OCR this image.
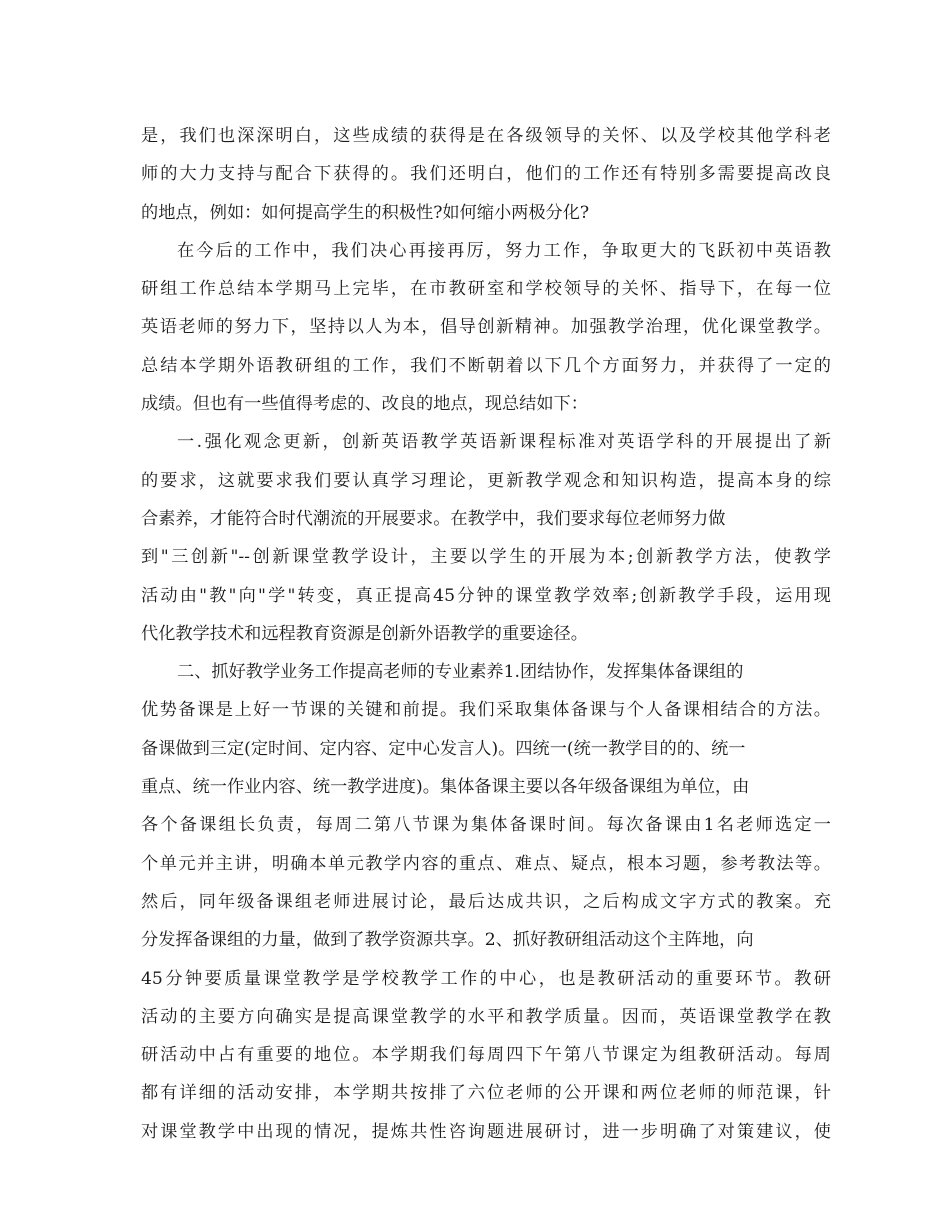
是，我们也深深明白，这些成绩的获得是在各级领导的关怀、以及学校其他学科老
师的大力支持与配合下获得的。我们还明白，他们的工作还有特别多需要提高改良
的地点，例如：如何提高学生的积极性?如何缩小两极分化?
在今后的工作中，我们决心再接再厉，努力工作，争取更大的飞跃初中英语教
研组工作总结本学期马上完毕，在市教研室和学校领导的关怀、指导下，在每一位
英语老师的努力下，坚持以人为本，倡导创新精神。加强教学治理，优化课堂教学。
总结本学期外语教研组的工作，我们不断朝着以下几个方面努力，并获得了一定的
成绩。但也有一些值得考虑的、改良的地点，现总结如下：
一.强化观念更新，创新英语教学英语新课程标准对英语学科的开展提出了新
的要求，这就要求我们要认真学习理论，更新教学观念和知识构造，提高本身的综
合素养，才能符合时代潮流的开展要求。在教学中，我们要求每位老师努力做
到"三创新"--创新课堂教学设计，主要以学生的开展为本;创新教学方法，使教学
活动由"教"向"学"转变，真正提高45分钟的课堂教学效率;创新教学手段，运用现
代化教学技术和远程教育资源是创新外语教学的重要途径。
二、抓好教学业务工作提高老师的专业素养1.团结协作，发挥集体备课组的
优势备课是上好一节课的关键和前提。我们采取集体备课与个人备课相结合的方法。
备课做到三定(定时间、定内容、定中心发言人)。四统一(统一教学目的的、统一
重点、统一作业内容、统一教学进度)。集体备课主要以各年级备课组为单位，由
各个备课组长负责，每周二第八节课为集体备课时间。每次备课由1名老师选定一
个单元并主讲，明确本单元教学内容的重点、难点、疑点，根本习题，参考教法等。
然后，同年级备课组老师进展讨论，最后达成共识，之后构成文字方式的教案。充
分发挥备课组的力量，做到了教学资源共享。2、抓好教研组活动这个主阵地，向
45分钟要质量课堂教学是学校教学工作的中心，也是教研活动的重要环节。教研
活动的主要方向确实是提高课堂教学的水平和教学质量。因而，英语课堂教学在教
研活动中占有重要的地位。本学期我们每周四下午第八节课定为组教研活动。每周
都有详细的活动安排，本学期共按排了六位老师的公开课和两位老师的师范课，针
对课堂教学中出现的情况，提炼共性咨询题进展研讨，进一步明确了对策建议，使
